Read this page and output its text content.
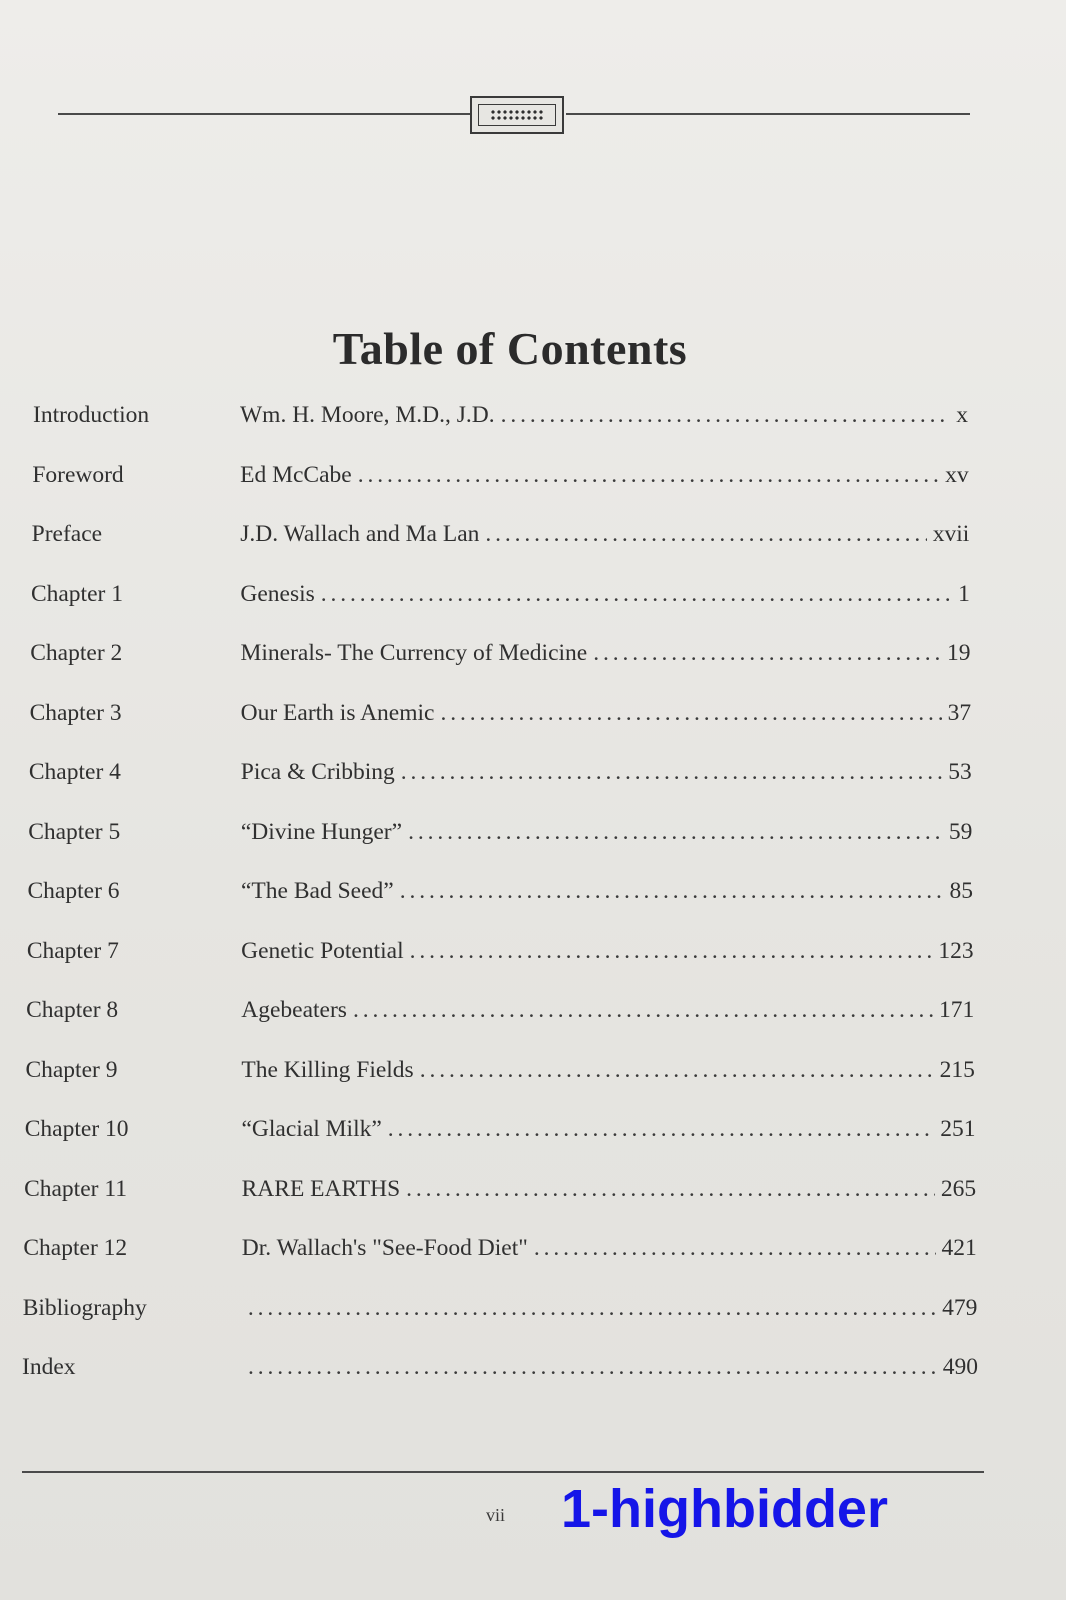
Table of Contents
Introduction	Wm. H. Moore, M.D., J.D. . . .	x
Foreword	Ed McCabe . . .	xv
Preface	J.D. Wallach and Ma Lan . . .	xvii
Chapter 1	Genesis . . .	1
Chapter 2	Minerals- The Currency of Medicine . . .	19
Chapter 3	Our Earth is Anemic . . .	37
Chapter 4	Pica & Cribbing . . .	53
Chapter 5	“Divine Hunger” . . .	59
Chapter 6	“The Bad Seed” . . .	85
Chapter 7	Genetic Potential . . .	123
Chapter 8	Agebeaters . . .	171
Chapter 9	The Killing Fields . . .	215
Chapter 10	“Glacial Milk” . . .	251
Chapter 11	RARE EARTHS . . .	265
Chapter 12	Dr. Wallach's "See-Food Diet" . . .	421
Bibliography . . .	479
Index . . .	490
vii 1-highbidder
